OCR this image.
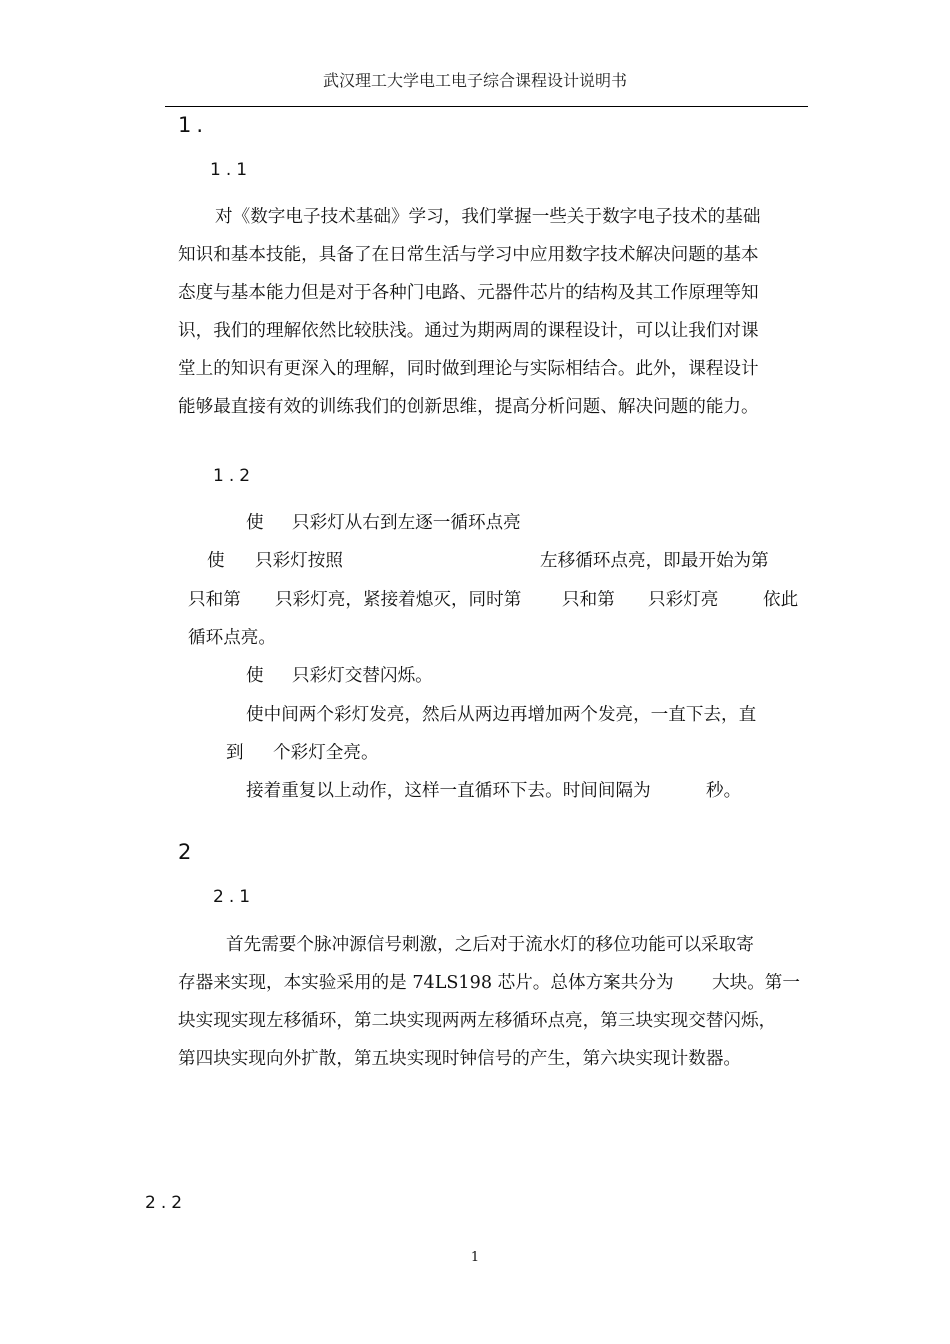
武汉理工大学电工电子综合课程设计说明书
1.
1.1
对《数字电子技术基础》学习，我们掌握一些关于数字电子技术的基础
知识和基本技能，具备了在日常生活与学习中应用数字技术解决问题的基本
态度与基本能力但是对于各种门电路、元器件芯片的结构及其工作原理等知
识，我们的理解依然比较肤浅。通过为期两周的课程设计，可以让我们对课
堂上的知识有更深入的理解，同时做到理论与实际相结合。此外，课程设计
能够最直接有效的训练我们的创新思维，提高分析问题、解决问题的能力。
1.2
使 只彩灯从右到左逐一循环点亮
使 只彩灯按照	左移循环点亮，即最开始为第
只和第 只彩灯亮，紧接着熄灭，同时第 只和第 只彩灯亮	依此
循环点亮。
使 只彩灯交替闪烁。
使中间两个彩灯发亮，然后从两边再增加两个发亮，一直下去，直
到 个彩灯全亮。
接着重复以上动作，这样一直循环下去。时间间隔为	秒。
2
2.1
首先需要个脉冲源信号刺激，之后对于流水灯的移位功能可以采取寄
存器来实现，本实验采用的是 74LS198 芯片。总体方案共分为 大块。第一
块实现实现左移循环，第二块实现两两左移循环点亮，第三块实现交替闪烁，
第四块实现向外扩散，第五块实现时钟信号的产生，第六块实现计数器。
2.2
1
